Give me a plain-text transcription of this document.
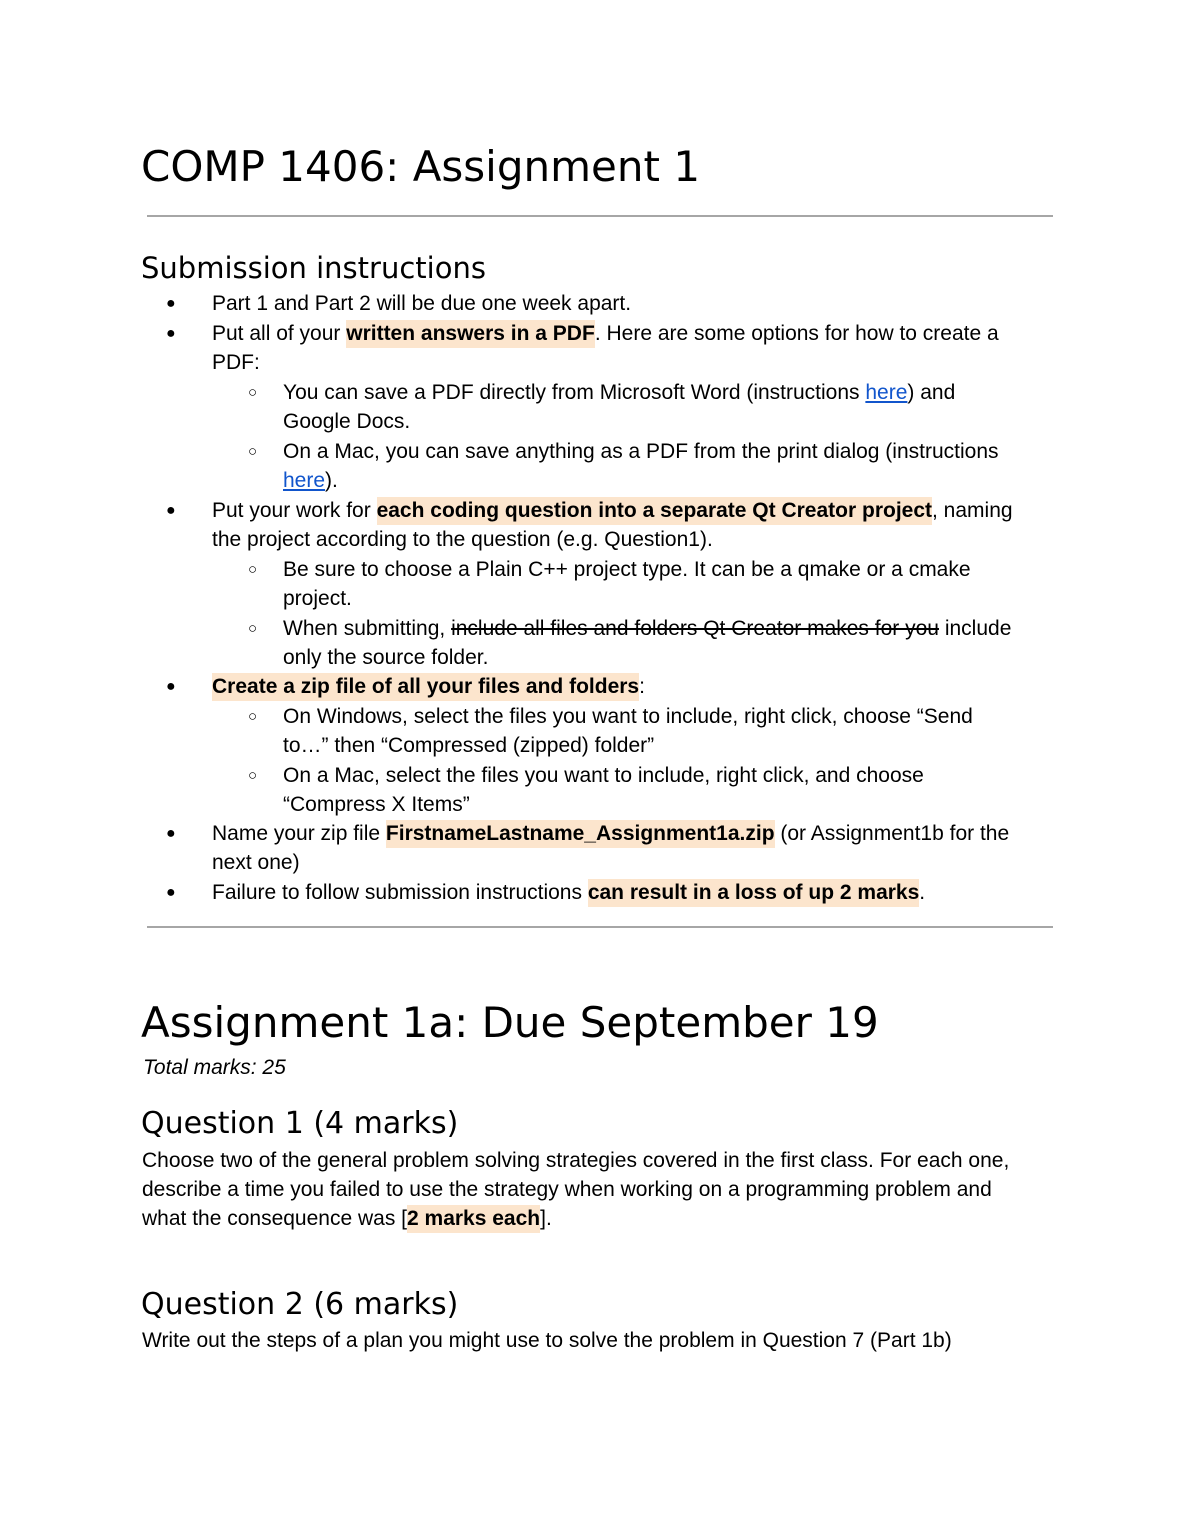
COMP 1406: Assignment 1
Submission instructions
● Part 1 and Part 2 will be due one week apart.
● Put all of your written answers in a PDF. Here are some options for how to create a
PDF:
○ You can save a PDF directly from Microsoft Word (instructions here) and
Google Docs.
○ On a Mac, you can save anything as a PDF from the print dialog (instructions
here).
● Put your work for each coding question into a separate Qt Creator project, naming
the project according to the question (e.g. Question1).
○ Be sure to choose a Plain C++ project type. It can be a qmake or a cmake
project.
○ When submitting, include all files and folders Qt Creator makes for you include
only the source folder.
● Create a zip file of all your files and folders:
○ On Windows, select the files you want to include, right click, choose “Send
to…” then “Compressed (zipped) folder”
○ On a Mac, select the files you want to include, right click, and choose
“Compress X Items”
● Name your zip file FirstnameLastname_Assignment1a.zip (or Assignment1b for the
next one)
● Failure to follow submission instructions can result in a loss of up 2 marks.
Assignment 1a: Due September 19
Total marks: 25
Question 1 (4 marks)
Choose two of the general problem solving strategies covered in the first class. For each one,
describe a time you failed to use the strategy when working on a programming problem and
what the consequence was [2 marks each].
Question 2 (6 marks)
Write out the steps of a plan you might use to solve the problem in Question 7 (Part 1b)
